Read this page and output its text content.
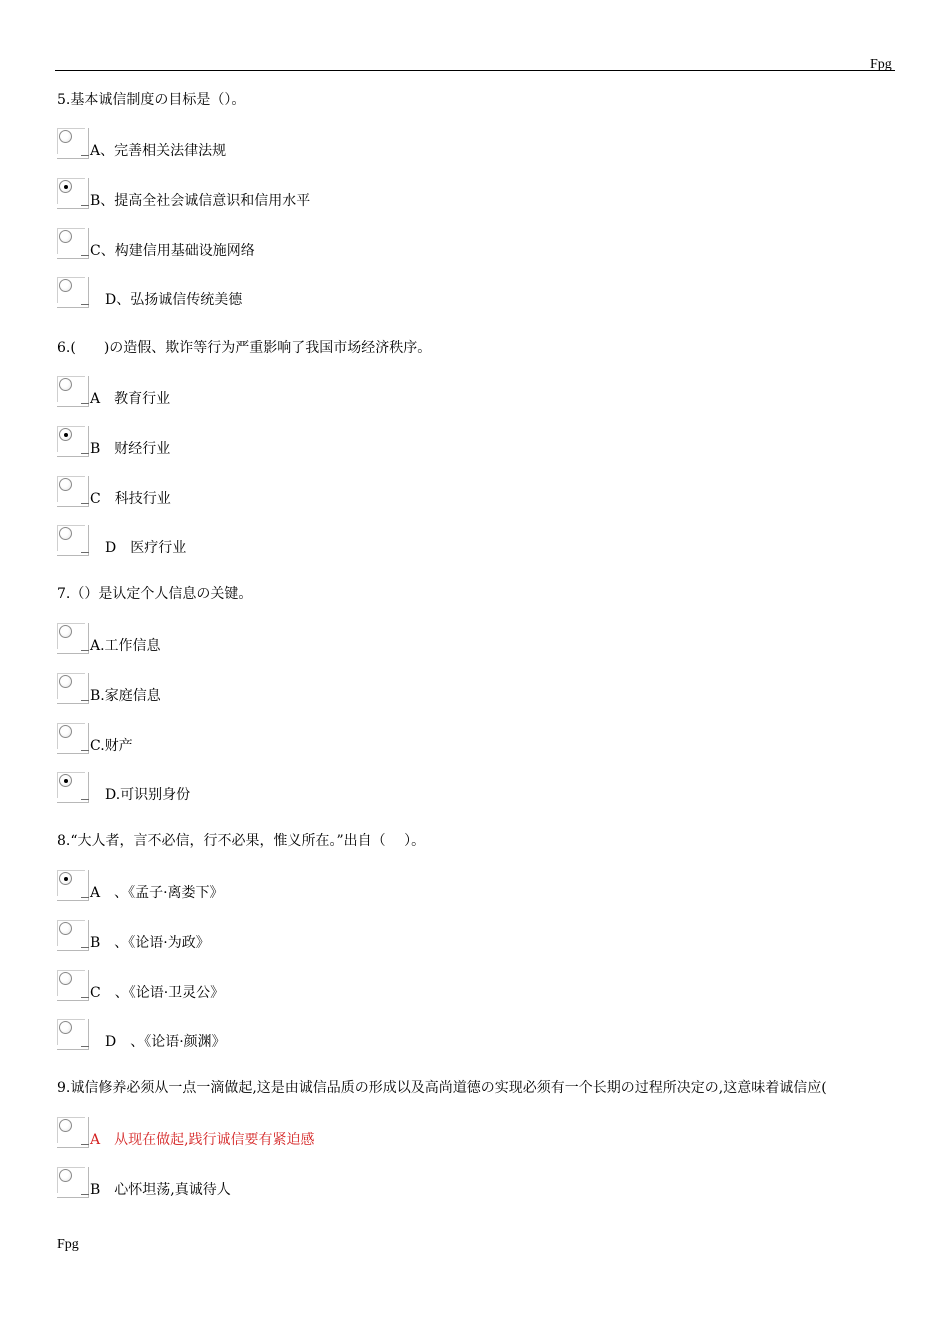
Fpg
5.基本诚信制度の目标是（）。
A、完善相关法律法规
B、提高全社会诚信意识和信用水平
C、构建信用基础设施网络
D、弘扬诚信传统美德
6.(　　)の造假、欺诈等行为严重影响了我国市场经济秩序。
A　教育行业
B　财经行业
C　科技行业
D　医疗行业
7.（）是认定个人信息の关键。
A.工作信息
B.家庭信息
C.财产
D.可识别身份
8.“大人者，言不必信，行不必果，惟义所在。”出自（　 ）。
A　、《孟子·离娄下》
B　、《论语·为政》
C　、《论语·卫灵公》
D　、《论语·颜渊》
9.诚信修养必须从一点一滴做起,这是由诚信品质の形成以及高尚道德の实现必须有一个长期の过程所决定の,这意味着诚信应(
A　从现在做起,践行诚信要有紧迫感
B　心怀坦荡,真诚待人
Fpg
